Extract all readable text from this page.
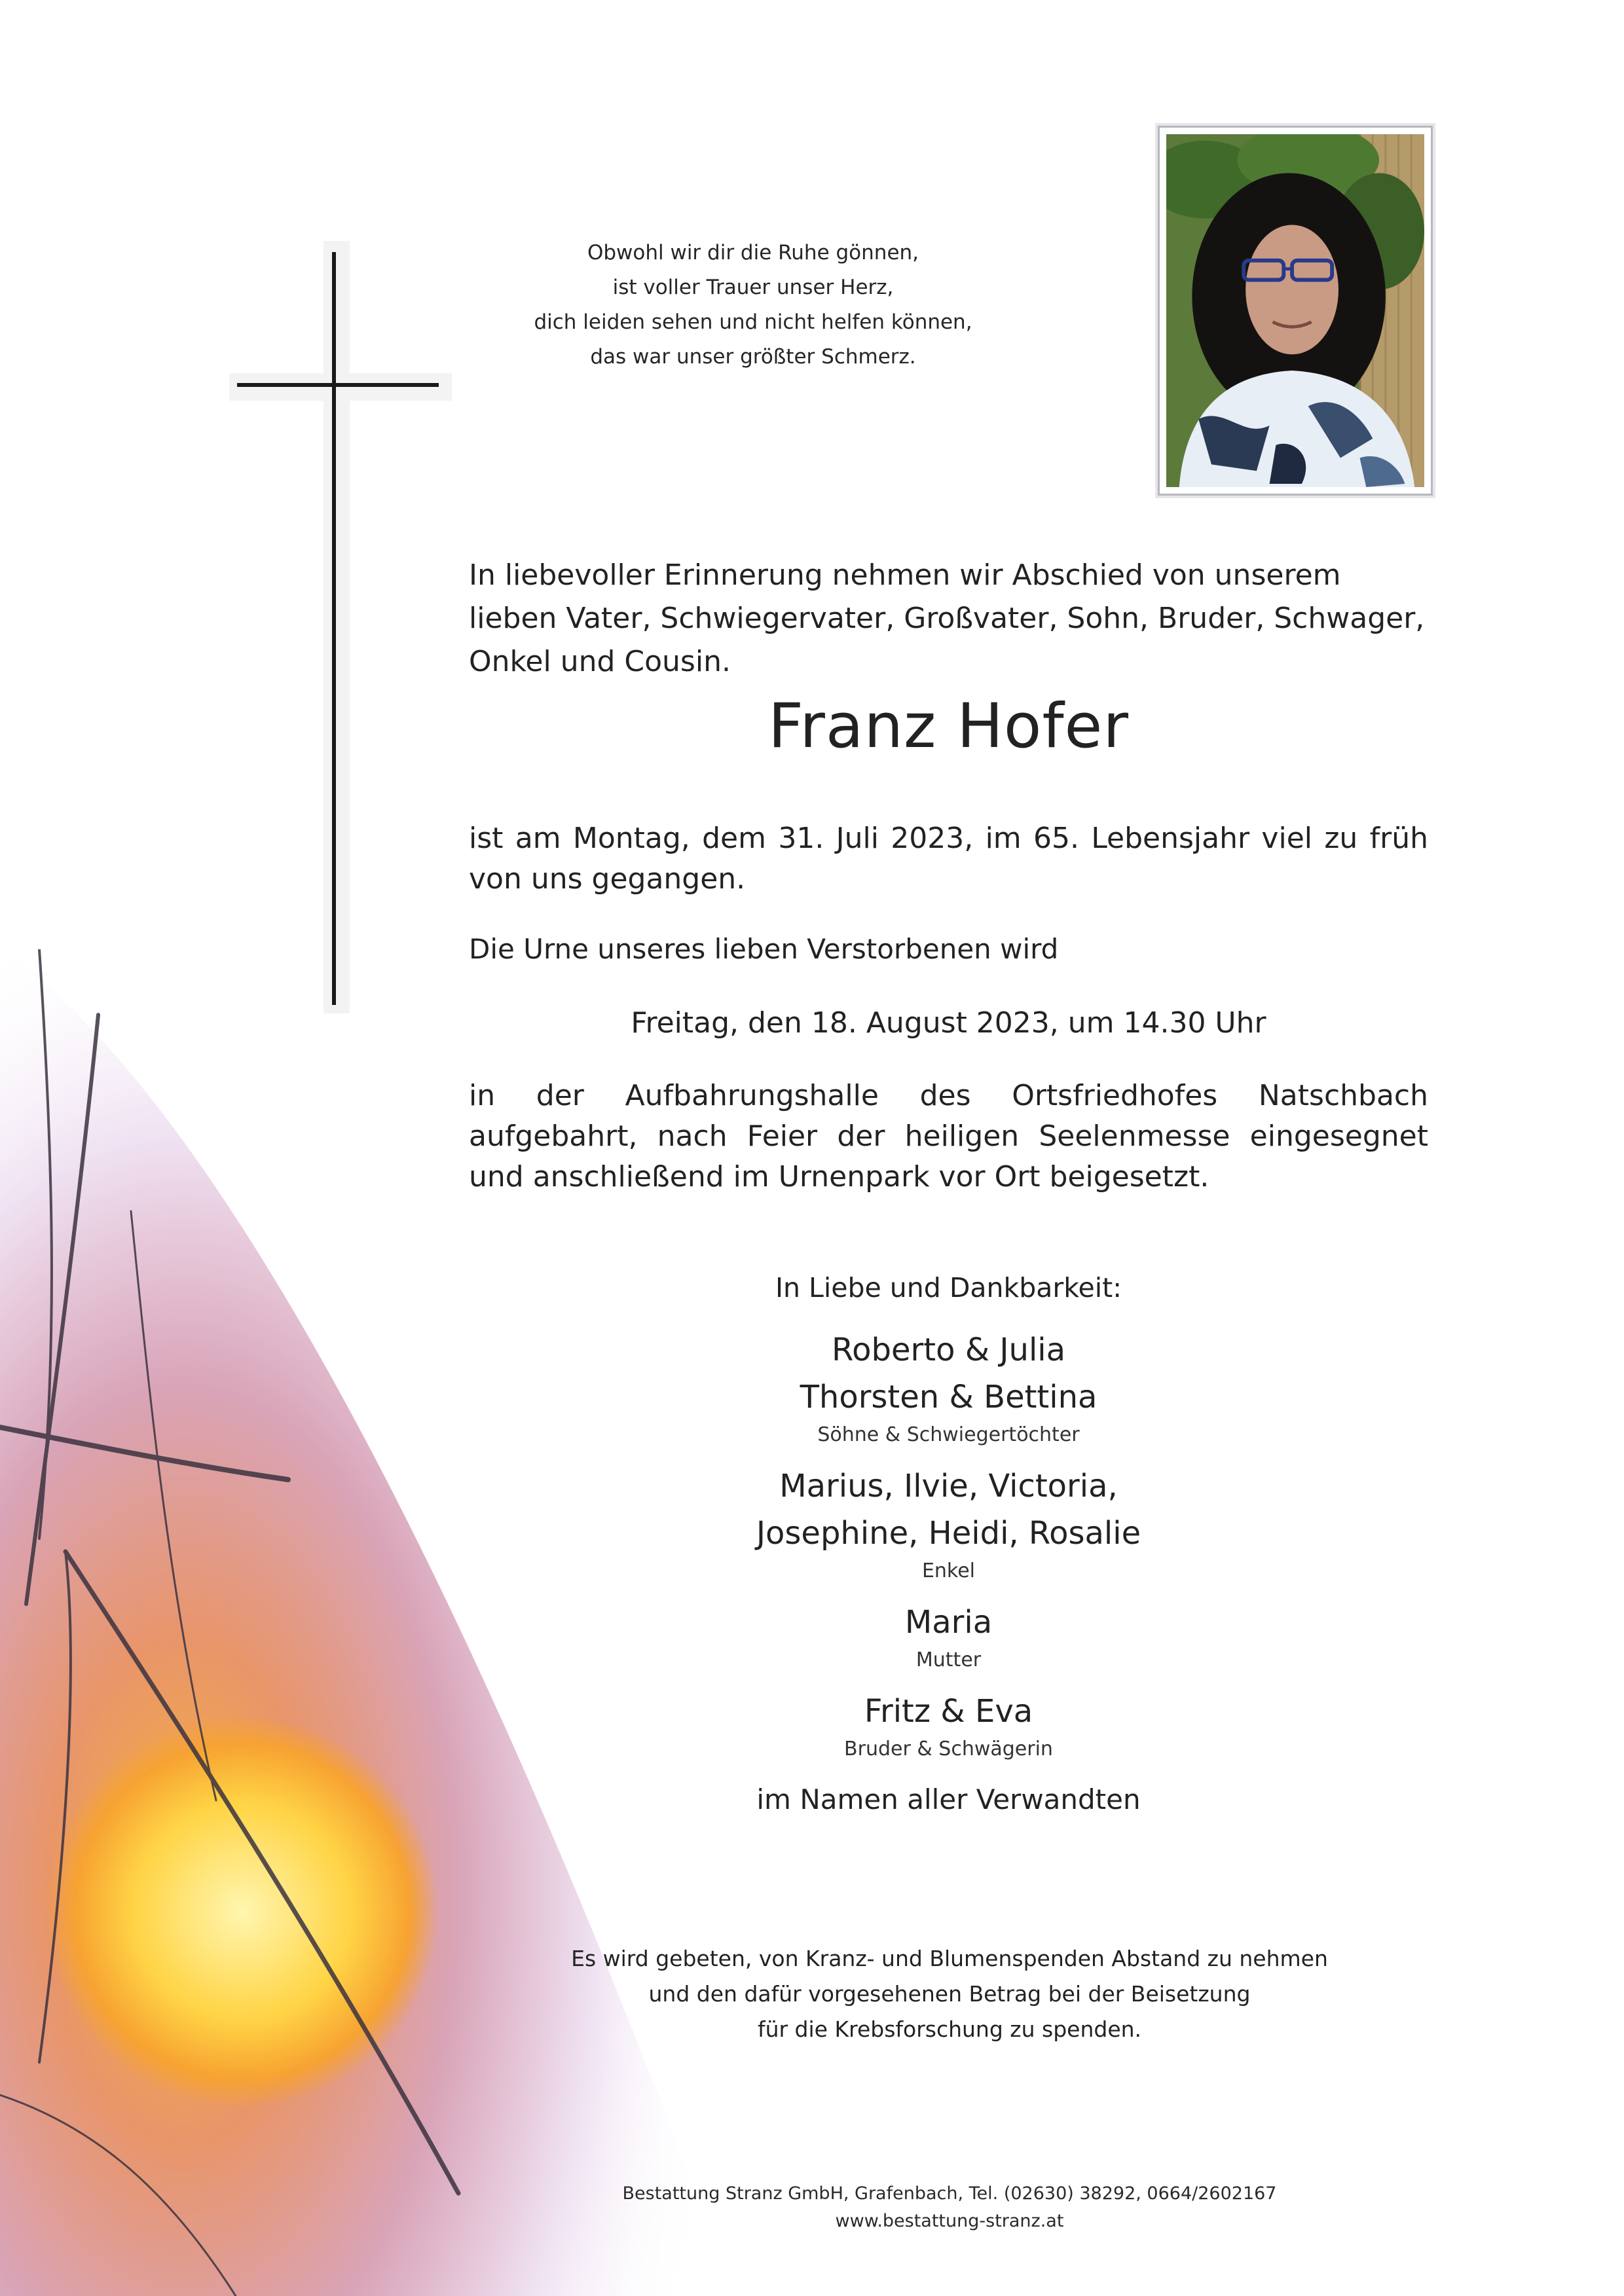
Obwohl wir dir die Ruhe gönnen,
ist voller Trauer unser Herz,
dich leiden sehen und nicht helfen können,
das war unser größter Schmerz.
In liebevoller Erinnerung nehmen wir Abschied von unserem lieben Vater, Schwiegervater, Großvater, Sohn, Bruder, Schwager, Onkel und Cousin.
Franz Hofer
ist am Montag, dem 31. Juli 2023, im 65. Lebensjahr viel zu früh von uns gegangen.
Die Urne unseres lieben Verstorbenen wird
Freitag, den 18. August 2023, um 14.30 Uhr
in der Aufbahrungshalle des Ortsfriedhofes Natschbach aufgebahrt, nach Feier der heiligen Seelenmesse eingesegnet und anschließend im Urnenpark vor Ort beigesetzt.
In Liebe und Dankbarkeit:
Roberto & Julia
Thorsten & Bettina
Söhne & Schwiegertöchter
Marius, Ilvie, Victoria,
Josephine, Heidi, Rosalie
Enkel
Maria
Mutter
Fritz & Eva
Bruder & Schwägerin
im Namen aller Verwandten
Es wird gebeten, von Kranz- und Blumenspenden Abstand zu nehmen
und den dafür vorgesehenen Betrag bei der Beisetzung
für die Krebsforschung zu spenden.
Bestattung Stranz GmbH, Grafenbach, Tel. (02630) 38292, 0664/2602167
www.bestattung-stranz.at
